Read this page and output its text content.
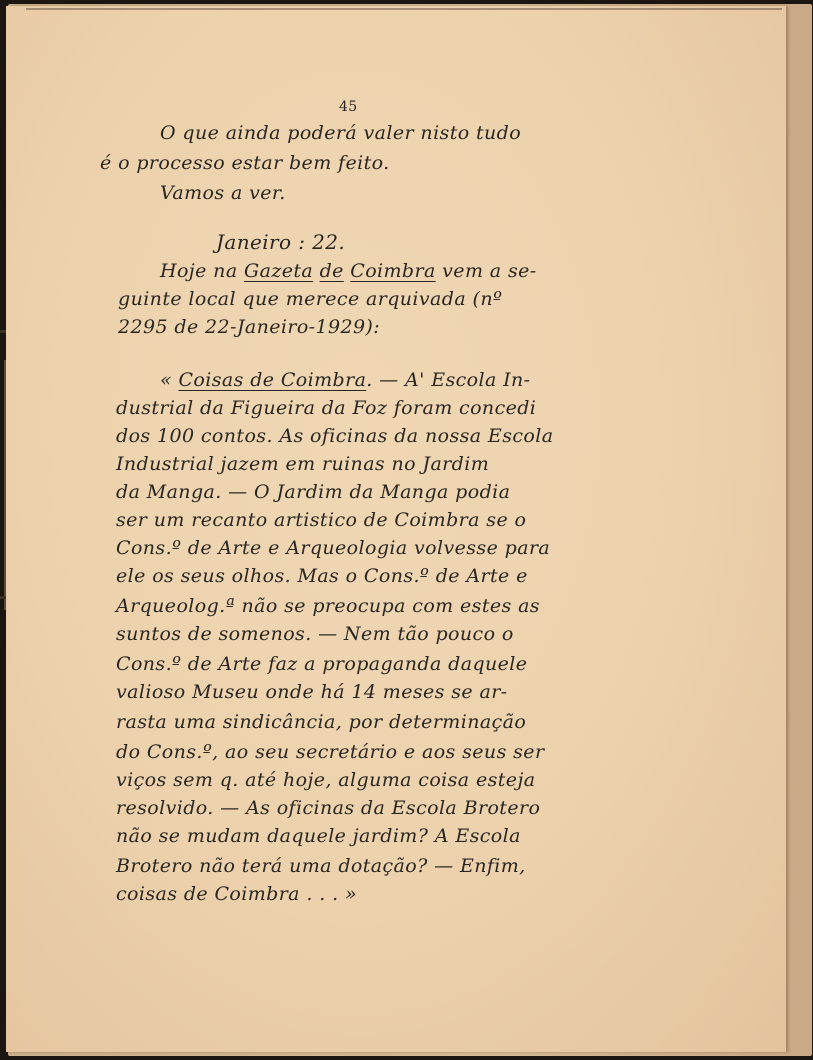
45
O que ainda poderá valer nisto tudo
é o processo estar bem feito.
Vamos a ver.
Janeiro : 22.
Hoje na Gazeta de Coimbra vem a se-
guinte local que merece arquivada (nº
2295 de 22-Janeiro-1929):
« Coisas de Coimbra. — A' Escola In-
dustrial da Figueira da Foz foram concedi
dos 100 contos. As oficinas da nossa Escola
Industrial jazem em ruinas no Jardim
da Manga. — O Jardim da Manga podia
ser um recanto artistico de Coimbra se o
Cons.º de Arte e Arqueologia volvesse para
ele os seus olhos. Mas o Cons.º de Arte e
Arqueolog.ª não se preocupa com estes as
suntos de somenos. — Nem tão pouco o
Cons.º de Arte faz a propaganda daquele
valioso Museu onde há 14 meses se ar-
rasta uma sindicância, por determinação
do Cons.º, ao seu secretário e aos seus ser
viços sem q. até hoje, alguma coisa esteja
resolvido. — As oficinas da Escola Brotero
não se mudam daquele jardim? A Escola
Brotero não terá uma dotação? — Enfim,
coisas de Coimbra . . . »
